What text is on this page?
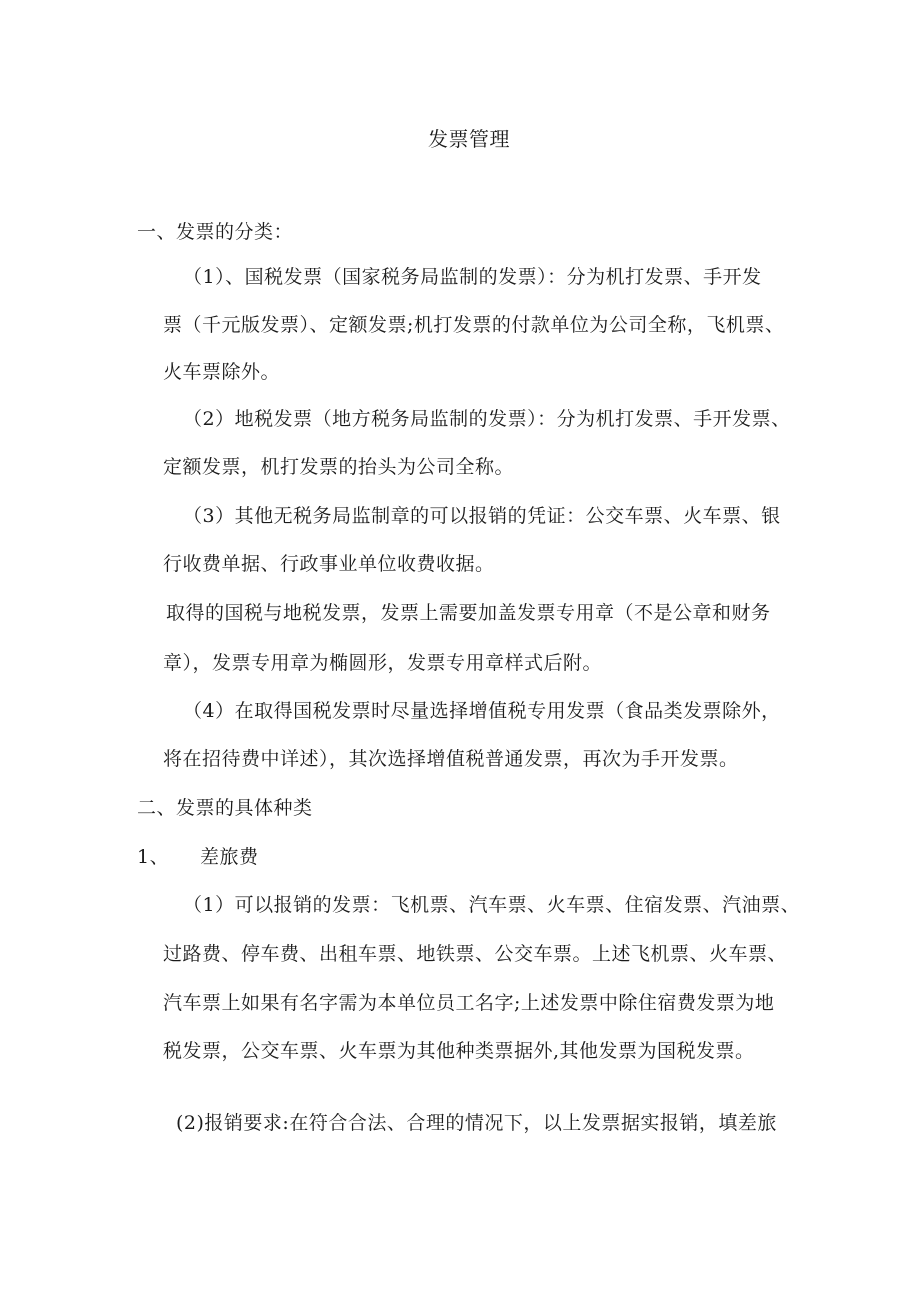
发票管理
一、发票的分类：
（1）、国税发票（国家税务局监制的发票）：分为机打发票、手开发
票（千元版发票）、定额发票;机打发票的付款单位为公司全称，飞机票、
火车票除外。
（2）地税发票（地方税务局监制的发票）：分为机打发票、手开发票、
定额发票，机打发票的抬头为公司全称。
（3）其他无税务局监制章的可以报销的凭证：公交车票、火车票、银
行收费单据、行政事业单位收费收据。
取得的国税与地税发票，发票上需要加盖发票专用章（不是公章和财务
章），发票专用章为椭圆形，发票专用章样式后附。
（4）在取得国税发票时尽量选择增值税专用发票（食品类发票除外，
将在招待费中详述），其次选择增值税普通发票，再次为手开发票。
二、发票的具体种类
1、 差旅费
（1）可以报销的发票：飞机票、汽车票、火车票、住宿发票、汽油票、
过路费、停车费、出租车票、地铁票、公交车票。上述飞机票、火车票、
汽车票上如果有名字需为本单位员工名字;上述发票中除住宿费发票为地
税发票，公交车票、火车票为其他种类票据外,其他发票为国税发票。
(2)报销要求:在符合合法、合理的情况下，以上发票据实报销，填差旅
